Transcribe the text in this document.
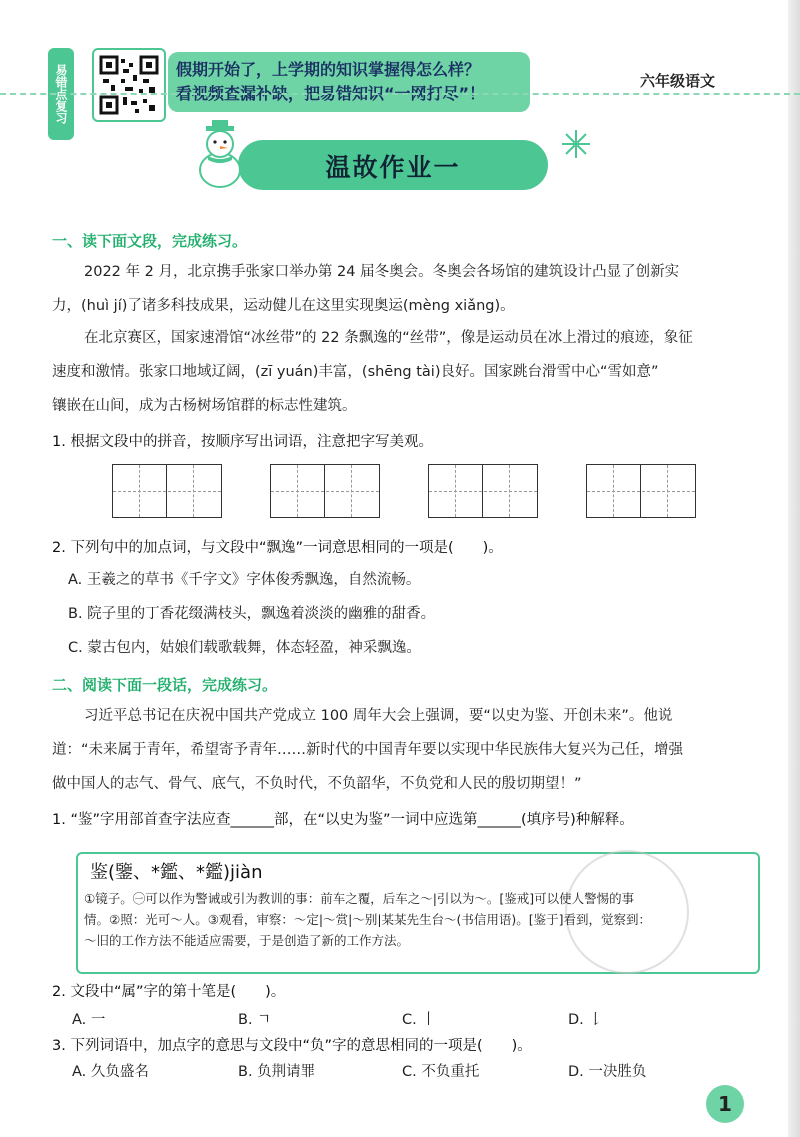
易错点复习	假期开始了，上学期的知识掌握得怎么样？
看视频查漏补缺，把易错知识“一网打尽”！
六年级语文
温故作业一
一、读下面文段，完成练习。
2022 年 2 月，北京携手张家口举办第 24 届冬奥会。冬奥会各场馆的建筑设计凸显了创新实
力，(huì jí)了诸多科技成果，运动健儿在这里实现奥运(mèng xiǎng)。
在北京赛区，国家速滑馆“冰丝带”的 22 条飘逸的“丝带”，像是运动员在冰上滑过的痕迹，象征
速度和激情。张家口地域辽阔，(zī yuán)丰富，(shēng tài)良好。国家跳台滑雪中心“雪如意”
镶嵌在山间，成为古杨树场馆群的标志性建筑。
1. 根据文段中的拼音，按顺序写出词语，注意把字写美观。
2. 下列句中的加点词，与文段中“飘逸”一词意思相同的一项是(　　)。
A. 王羲之的草书《千字文》字体俊秀飘逸，自然流畅。
B. 院子里的丁香花缀满枝头，飘逸着淡淡的幽雅的甜香。
C. 蒙古包内，姑娘们载歌载舞，体态轻盈，神采飘逸。
二、阅读下面一段话，完成练习。
习近平总书记在庆祝中国共产党成立 100 周年大会上强调，要“以史为鉴、开创未来”。他说
道：“未来属于青年，希望寄予青年……新时代的中国青年要以实现中华民族伟大复兴为己任，增强
做中国人的志气、骨气、底气，不负时代，不负韶华，不负党和人民的殷切期望！”
1. “鉴”字用部首查字法应查______部，在“以史为鉴”一词中应选第______(填序号)种解释。
鉴(鑒、*鑑、*鑑)jiàn
①镜子。㊀可以作为警诫或引为教训的事：前车之覆，后车之～|引以为～。[鉴戒]可以使人警惕的事
情。②照：光可～人。③观看，审察：～定|～赏|～别|某某先生台～(书信用语)。[鉴于]看到，觉察到：
～旧的工作方法不能适应需要，于是创造了新的工作方法。
2. 文段中“属”字的第十笔是(　　)。
A. 一	B. ㄱ	C. 丨	D. 𠄌
3. 下列词语中，加点字的意思与文段中“负”字的意思相同的一项是(　　)。
A. 久负盛名	B. 负荆请罪	C. 不负重托	D. 一决胜负
1
